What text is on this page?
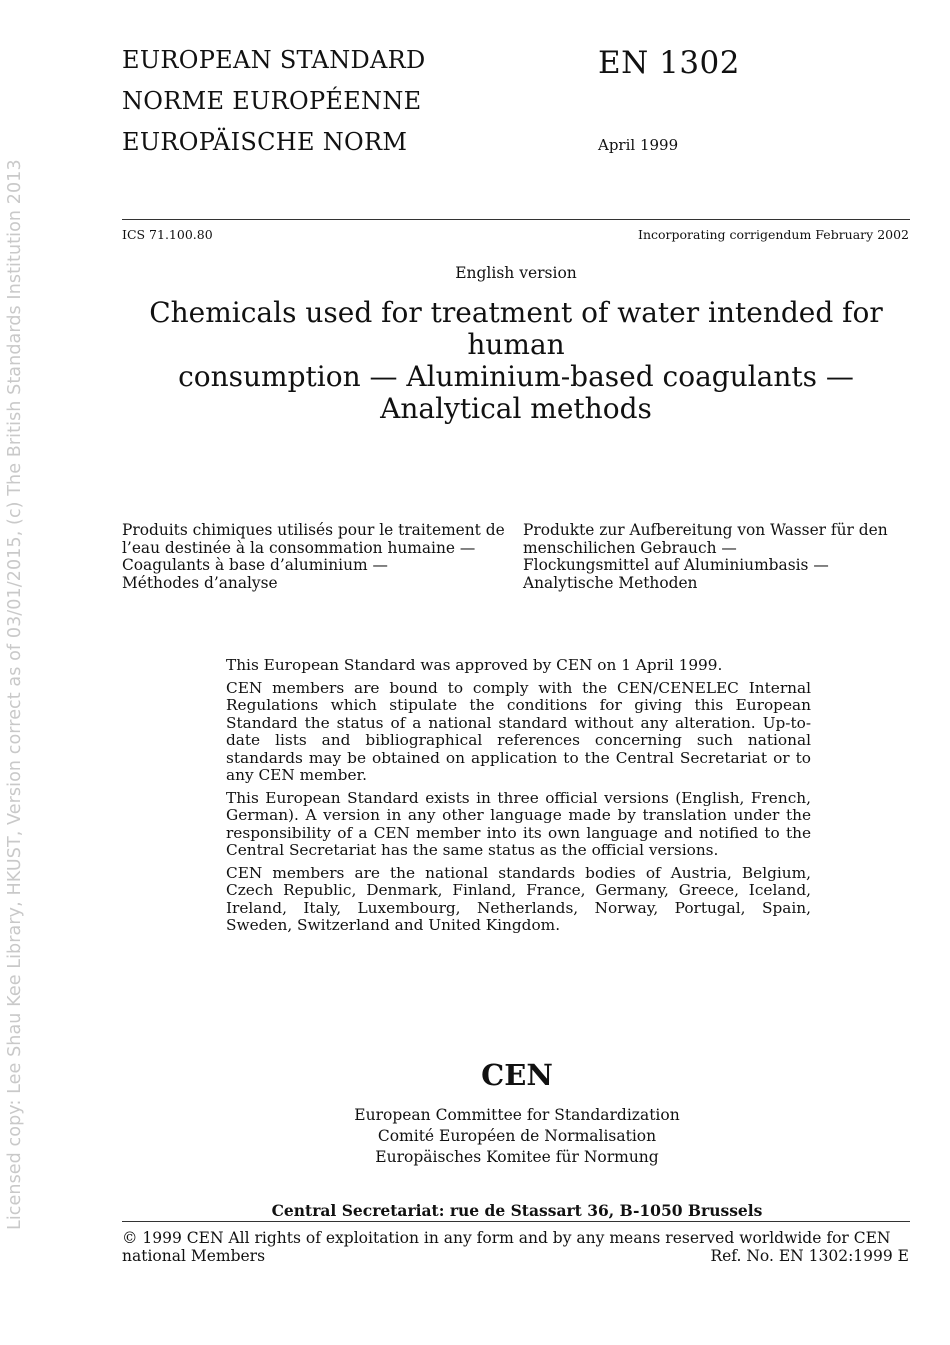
Licensed copy: Lee Shau Kee Library, HKUST, Version correct as of 03/01/2015, (c) The British Standards Institution 2013
EUROPEAN STANDARD
NORME EUROPÉENNE
EUROPÄISCHE NORM
EN 1302
April 1999
ICS 71.100.80	Incorporating corrigendum February 2002
English version
Chemicals used for treatment of water intended for human
consumption — Aluminium-based coagulants —
Analytical methods
Produits chimiques utilisés pour le traitement de
l’eau destinée à la consommation humaine —
Coagulants à base d’aluminium —
Méthodes d’analyse
Produkte zur Aufbereitung von Wasser für den
menschilichen Gebrauch —
Flockungsmittel auf Aluminiumbasis —
Analytische Methoden

This European Standard was approved by CEN on 1 April 1999.

CEN members are bound to comply with the CEN/CENELEC Internal Regulations which stipulate the conditions for giving this European Standard the status of a national standard without any alteration. Up-to-date lists and bibliographical references concerning such national standards may be obtained on application to the Central Secretariat or to any CEN member.

This European Standard exists in three official versions (English, French, German). A version in any other language made by translation under the responsibility of a CEN member into its own language and notified to the Central Secretariat has the same status as the official versions.

CEN members are the national standards bodies of Austria, Belgium, Czech Republic, Denmark, Finland, France, Germany, Greece, Iceland, Ireland, Italy, Luxembourg, Netherlands, Norway, Portugal, Spain, Sweden, Switzerland and United Kingdom.

CEN
European Committee for Standardization
Comité Européen de Normalisation
Europäisches Komitee für Normung
Central Secretariat: rue de Stassart 36, B-1050 Brussels
© 1999 CEN All rights of exploitation in any form and by any means reserved worldwide for CEN national Members	Ref. No. EN 1302:1999 E
